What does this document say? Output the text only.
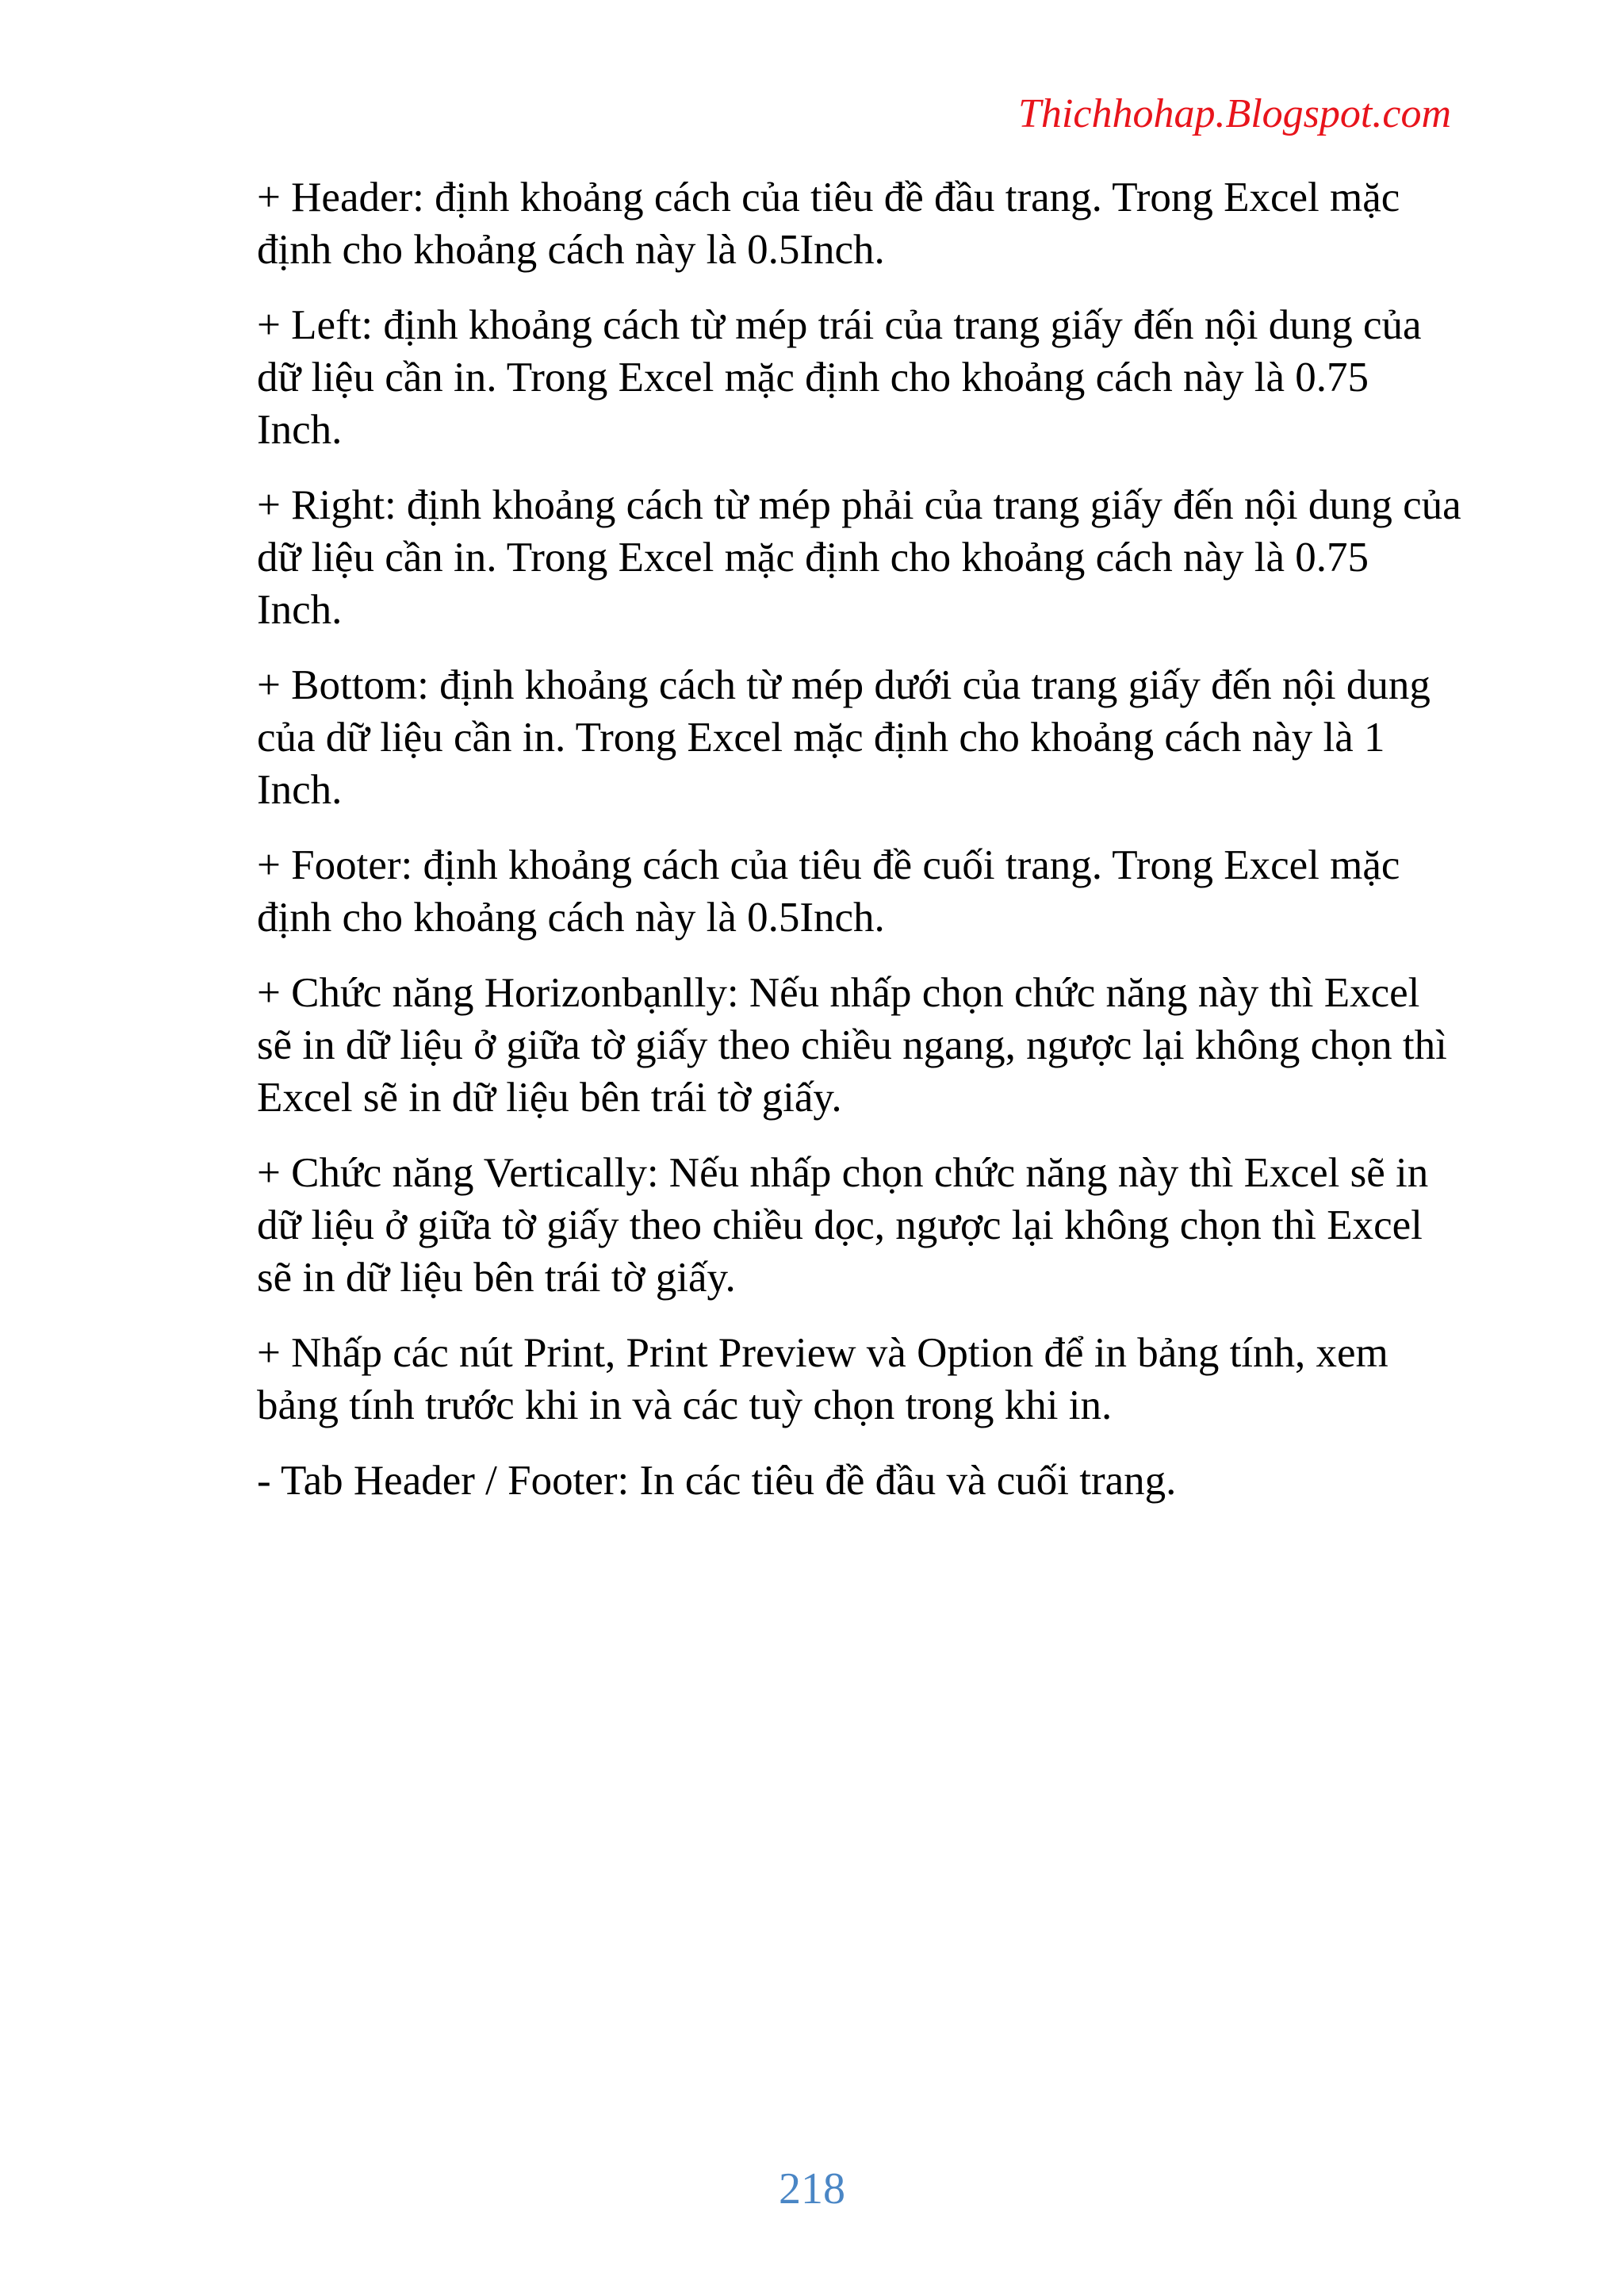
Thichhohap.Blogspot.com

+ Header: định khoảng cách của tiêu đề đầu trang. Trong Excel mặc định cho khoảng cách này là 0.5Inch.

+ Left: định khoảng cách từ mép trái của trang giấy đến nội dung của dữ liệu cần in. Trong Excel mặc định cho khoảng cách này là 0.75 Inch.

+ Right: định khoảng cách từ mép phải của trang giấy đến nội dung của dữ liệu cần in. Trong Excel mặc định cho khoảng cách này là 0.75 Inch.

+ Bottom: định khoảng cách từ mép dưới của trang giấy đến nội dung của dữ liệu cần in. Trong Excel mặc định cho khoảng cách này là 1 Inch.

+ Footer: định khoảng cách của tiêu đề cuối trang. Trong Excel mặc định cho khoảng cách này là 0.5Inch.

+ Chức năng Horizonbạnlly: Nếu nhấp chọn chức năng này thì Excel sẽ in dữ liệu ở giữa tờ giấy theo chiều ngang, ngược lại không chọn thì Excel sẽ in dữ liệu bên trái tờ giấy.

+ Chức năng Vertically: Nếu nhấp chọn chức năng này thì Excel sẽ in dữ liệu ở giữa tờ giấy theo chiều dọc, ngược lại không chọn thì Excel sẽ in dữ liệu bên trái tờ giấy.

+ Nhấp các nút Print, Print Preview và Option để in bảng tính, xem bảng tính trước khi in và các tuỳ chọn trong khi in.

- Tab Header / Footer: In các tiêu đề đầu và cuối trang.

218
